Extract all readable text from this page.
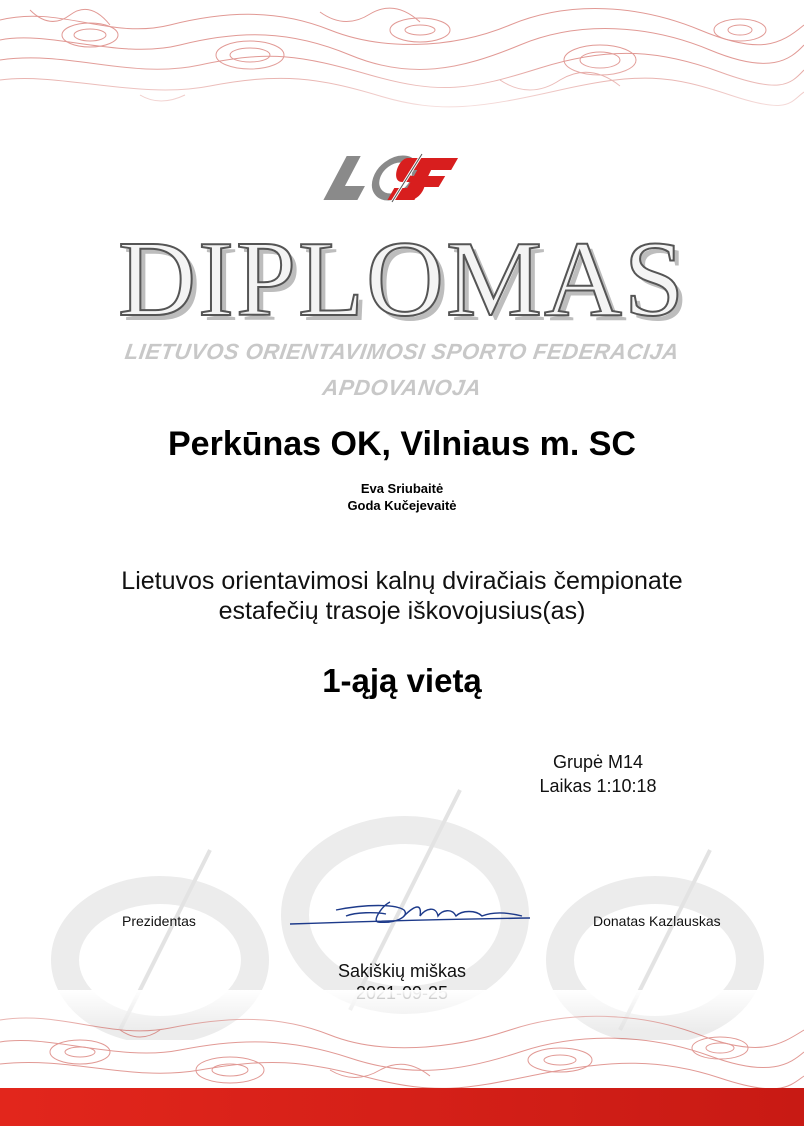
DIPLOMAS
LIETUVOS ORIENTAVIMOSI SPORTO FEDERACIJA
APDOVANOJA
Perkūnas OK, Vilniaus m. SC
Eva Sriubaitė
Goda Kučejevaitė
Lietuvos orientavimosi kalnų dviračiais čempionate
estafečių trasoje iškovojusius(as)
1-ąją vietą
Grupė M14
Laikas 1:10:18
Prezidentas	Donatas Kazlauskas
Sakiškių miškas
